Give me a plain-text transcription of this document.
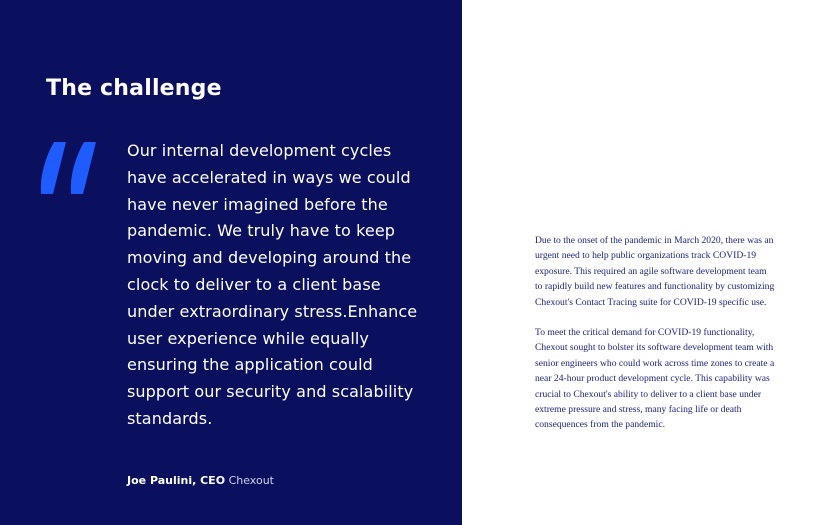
The challenge

Our internal development cycles have accelerated in ways we could have never imagined before the pandemic. We truly have to keep moving and developing around the clock to deliver to a client base under extraordinary stress.Enhance user experience while equally ensuring the application could support our security and scalability standards.

Joe Paulini, CEO Chexout

Due to the onset of the pandemic in March 2020, there was an urgent need to help public organizations track COVID-19 exposure. This required an agile software development team to rapidly build new features and functionality by customizing Chexout's Contact Tracing suite for COVID-19 specific use.

To meet the critical demand for COVID-19 functionality, Chexout sought to bolster its software development team with senior engineers who could work across time zones to create a near 24-hour product development cycle. This capability was crucial to Chexout's ability to deliver to a client base under extreme pressure and stress, many facing life or death consequences from the pandemic.
